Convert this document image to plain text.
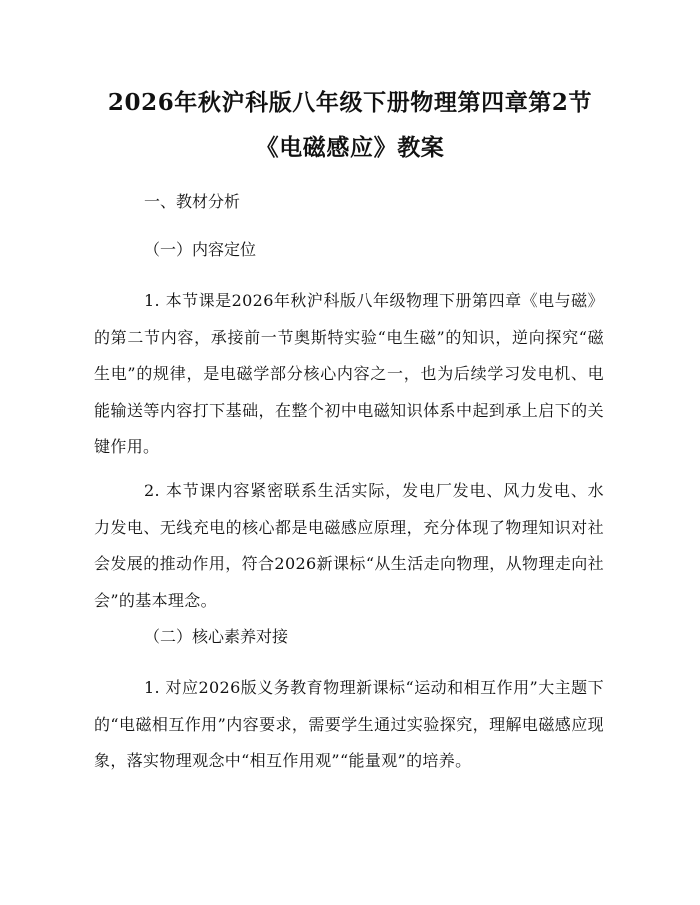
2026年秋沪科版八年级下册物理第四章第2节《电磁感应》教案
一、教材分析
（一）内容定位

1. 本节课是2026年秋沪科版八年级物理下册第四章《电与磁》的第二节内容，承接前一节奥斯特实验“电生磁”的知识，逆向探究“磁生电”的规律，是电磁学部分核心内容之一，也为后续学习发电机、电能输送等内容打下基础，在整个初中电磁知识体系中起到承上启下的关键作用。

2. 本节课内容紧密联系生活实际，发电厂发电、风力发电、水力发电、无线充电的核心都是电磁感应原理，充分体现了物理知识对社会发展的推动作用，符合2026新课标“从生活走向物理，从物理走向社会”的基本理念。

（二）核心素养对接

1. 对应2026版义务教育物理新课标“运动和相互作用”大主题下的“电磁相互作用”内容要求，需要学生通过实验探究，理解电磁感应现象，落实物理观念中“相互作用观”“能量观”的培养。
